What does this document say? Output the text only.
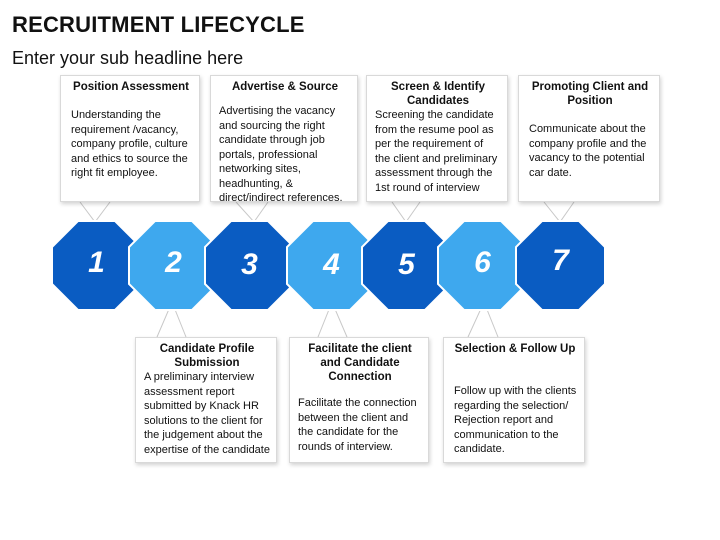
RECRUITMENT LIFECYCLE
Enter your sub headline here
1 2 3 4 5 6 7
Position Assessment
Understanding the requirement /vacancy, company profile, culture and ethics to source the right fit employee.
Advertise & Source
Advertising the vacancy and sourcing the right candidate through job portals, professional networking sites, headhunting, & direct/indirect references.
Screen & Identify Candidates
Screening the candidate from the resume pool as per the requirement of the client and preliminary assessment through the 1st round of interview
Promoting Client and Position
Communicate about the company profile and the vacancy to the potential car date.
Candidate Profile Submission
A preliminary interview assessment report submitted by Knack HR solutions to the client for the judgement about the expertise of the candidate
Facilitate the client and Candidate Connection
Facilitate the connection between the client and the candidate for the rounds of interview.
Selection & Follow Up
Follow up with the clients regarding the selection/ Rejection report and communication to the candidate.
